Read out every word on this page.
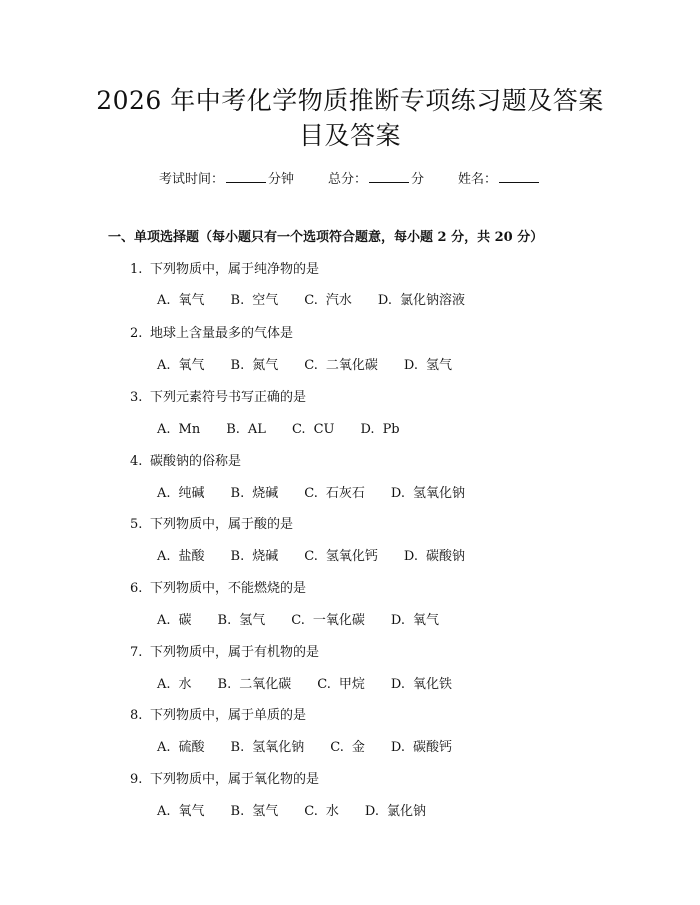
2026 年中考化学物质推断专项练习题及答案
目及答案
考试时间：	分钟	总分：	分	姓名：
一、单项选择题（每小题只有一个选项符合题意，每小题 2 分，共 20 分）
1. 下列物质中，属于纯净物的是
A. 氧气 B. 空气 C. 汽水 D. 氯化钠溶液
2. 地球上含量最多的气体是
A. 氧气 B. 氮气 C. 二氧化碳 D. 氢气
3. 下列元素符号书写正确的是
A. Mn B. AL C. CU D. Pb
4. 碳酸钠的俗称是
A. 纯碱 B. 烧碱 C. 石灰石 D. 氢氧化钠
5. 下列物质中，属于酸的是
A. 盐酸 B. 烧碱 C. 氢氧化钙 D. 碳酸钠
6. 下列物质中，不能燃烧的是
A. 碳 B. 氢气 C. 一氧化碳 D. 氧气
7. 下列物质中，属于有机物的是
A. 水 B. 二氧化碳 C. 甲烷 D. 氧化铁
8. 下列物质中，属于单质的是
A. 硫酸 B. 氢氧化钠 C. 金 D. 碳酸钙
9. 下列物质中，属于氧化物的是
A. 氧气 B. 氢气 C. 水 D. 氯化钠
